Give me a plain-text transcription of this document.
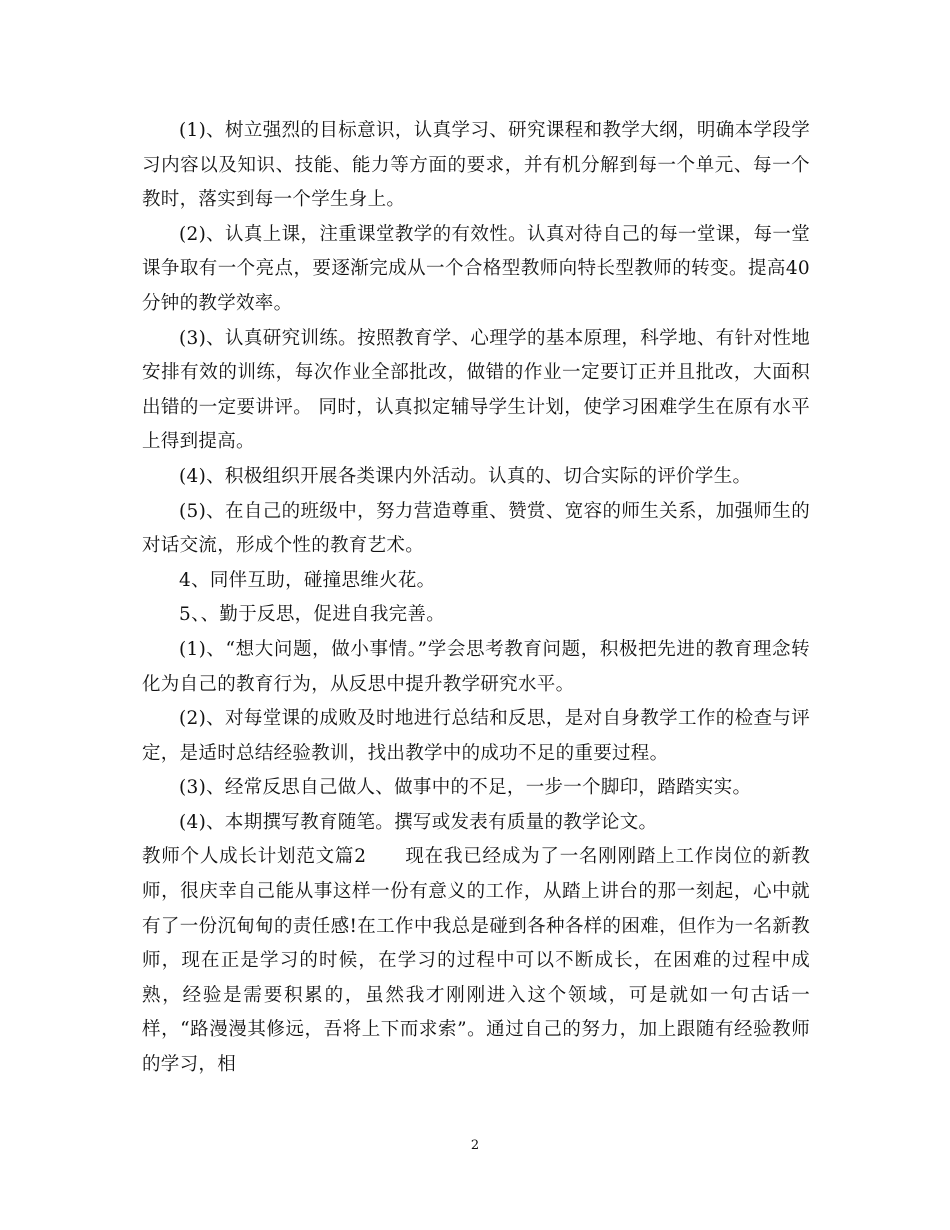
(1)、树立强烈的目标意识，认真学习、研究课程和教学大纲，明确本学段学习内容以及知识、技能、能力等方面的要求，并有机分解到每一个单元、每一个教时，落实到每一个学生身上。

(2)、认真上课，注重课堂教学的有效性。认真对待自己的每一堂课，每一堂课争取有一个亮点，要逐渐完成从一个合格型教师向特长型教师的转变。提高40分钟的教学效率。

(3)、认真研究训练。按照教育学、心理学的基本原理，科学地、有针对性地安排有效的训练，每次作业全部批改，做错的作业一定要订正并且批改，大面积出错的一定要讲评。 同时，认真拟定辅导学生计划，使学习困难学生在原有水平上得到提高。

(4)、积极组织开展各类课内外活动。认真的、切合实际的评价学生。

(5)、在自己的班级中，努力营造尊重、赞赏、宽容的师生关系，加强师生的对话交流，形成个性的教育艺术。

4、同伴互助，碰撞思维火花。

5、、勤于反思，促进自我完善。

(1)、“想大问题，做小事情。”学会思考教育问题，积极把先进的教育理念转化为自己的教育行为，从反思中提升教学研究水平。

(2)、对每堂课的成败及时地进行总结和反思，是对自身教学工作的检查与评定，是适时总结经验教训，找出教学中的成功不足的重要过程。

(3)、经常反思自己做人、做事中的不足，一步一个脚印，踏踏实实。

(4)、本期撰写教育随笔。撰写或发表有质量的教学论文。

教师个人成长计划范文篇2　　现在我已经成为了一名刚刚踏上工作岗位的新教师，很庆幸自己能从事这样一份有意义的工作，从踏上讲台的那一刻起，心中就有了一份沉甸甸的责任感!在工作中我总是碰到各种各样的困难，但作为一名新教师，现在正是学习的时候，在学习的过程中可以不断成长，在困难的过程中成熟，经验是需要积累的，虽然我才刚刚进入这个领域，可是就如一句古话一样，“路漫漫其修远，吾将上下而求索”。通过自己的努力，加上跟随有经验教师的学习，相

2
